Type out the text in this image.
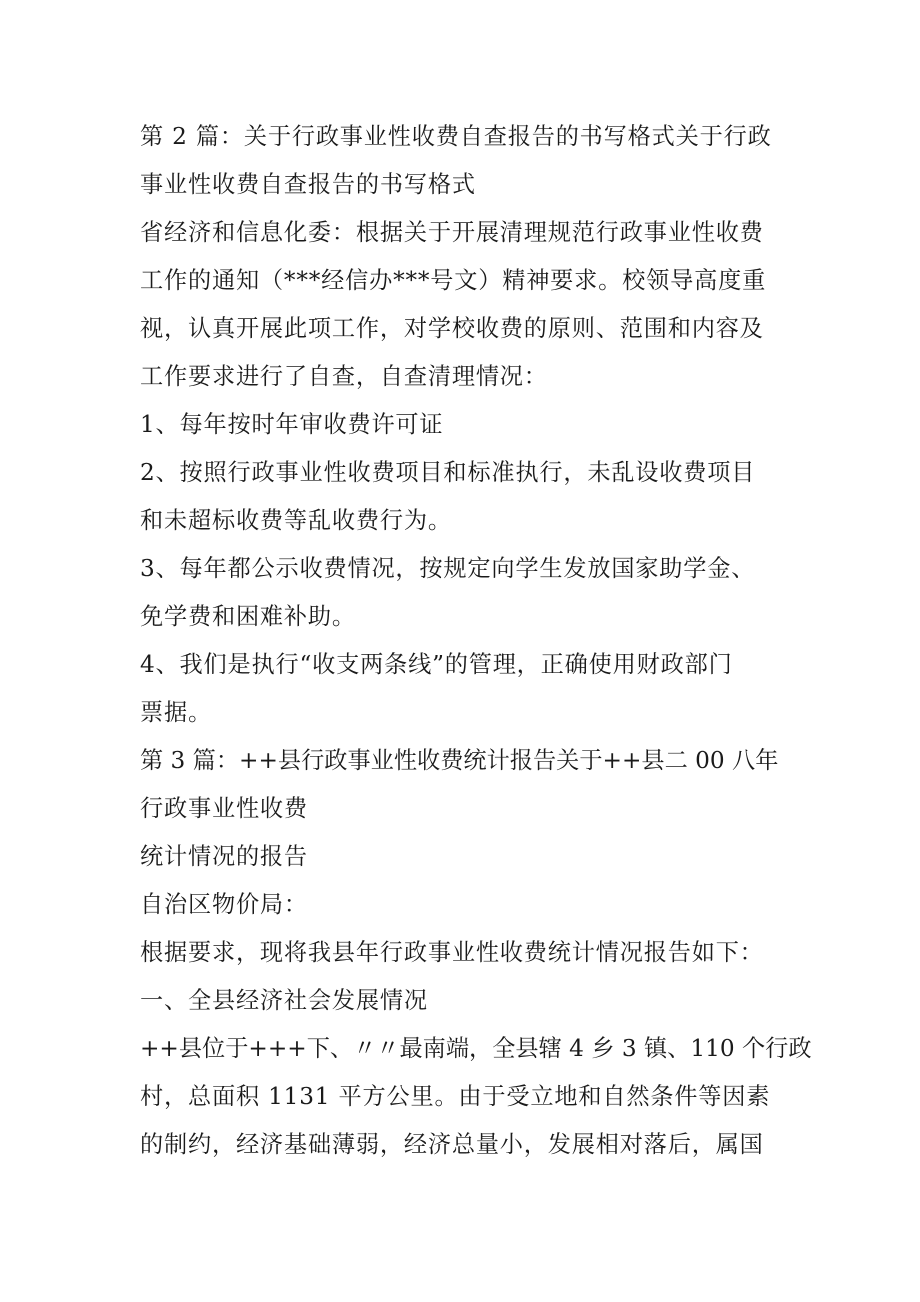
第 2 篇：关于行政事业性收费自查报告的书写格式关于行政
事业性收费自查报告的书写格式
省经济和信息化委：根据关于开展清理规范行政事业性收费
工作的通知（***经信办***号文）精神要求。校领导高度重
视，认真开展此项工作，对学校收费的原则、范围和内容及
工作要求进行了自查，自查清理情况：
1、每年按时年审收费许可证
2、按照行政事业性收费项目和标准执行，未乱设收费项目
和未超标收费等乱收费行为。
3、每年都公示收费情况，按规定向学生发放国家助学金、
免学费和困难补助。
4、我们是执行“收支两条线”的管理，正确使用财政部门
票据。
第 3 篇：++县行政事业性收费统计报告关于++县二 00 八年
行政事业性收费
统计情况的报告
自治区物价局：
根据要求，现将我县年行政事业性收费统计情况报告如下：
一、全县经济社会发展情况
++县位于+++下、〃〃最南端，全县辖 4 乡 3 镇、110 个行政
村，总面积 1131 平方公里。由于受立地和自然条件等因素
的制约，经济基础薄弱，经济总量小，发展相对落后，属国
